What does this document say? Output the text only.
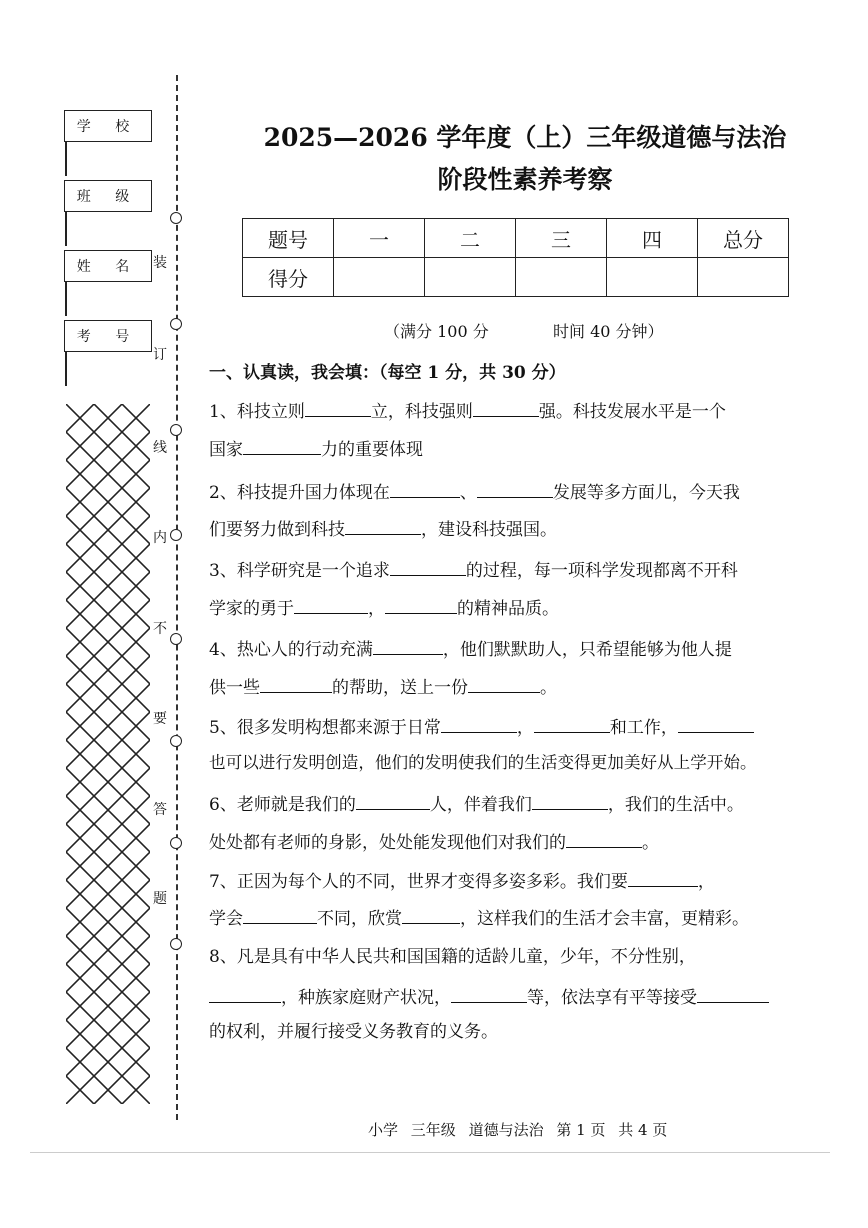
学 校

班 级

姓 名

考 号

装
订
线
内
不
要
答
题
2025—2026 学年度（上）三年级道德与法治
阶段性素养考察
题号	一	二	三	四	总分
得分					
（满分 100 分	时间 40 分钟）
一、认真读，我会填：（每空 1 分，共 30 分）
1、科技立则	立，科技强则	强。科技发展水平是一个
国家	力的重要体现
2、科技提升国力体现在	、	发展等多方面儿，今天我
们要努力做到科技	，建设科技强国。
3、科学研究是一个追求	的过程，每一项科学发现都离不开科
学家的勇于	，	的精神品质。
4、热心人的行动充满	，他们默默助人，只希望能够为他人提
供一些	的帮助，送上一份	。
5、很多发明构想都来源于日常	，	和工作，
也可以进行发明创造，他们的发明使我们的生活变得更加美好从上学开始。
6、老师就是我们的	人，伴着我们	，我们的生活中。
处处都有老师的身影，处处能发现他们对我们的	。
7、正因为每个人的不同，世界才变得多姿多彩。我们要	，
学会	不同，欣赏	，这样我们的生活才会丰富，更精彩。
8、凡是具有中华人民共和国国籍的适龄儿童，少年，不分性别，
，种族家庭财产状况，	等，依法享有平等接受
的权利，并履行接受义务教育的义务。
小学 三年级 道德与法治 第 1 页 共 4 页
